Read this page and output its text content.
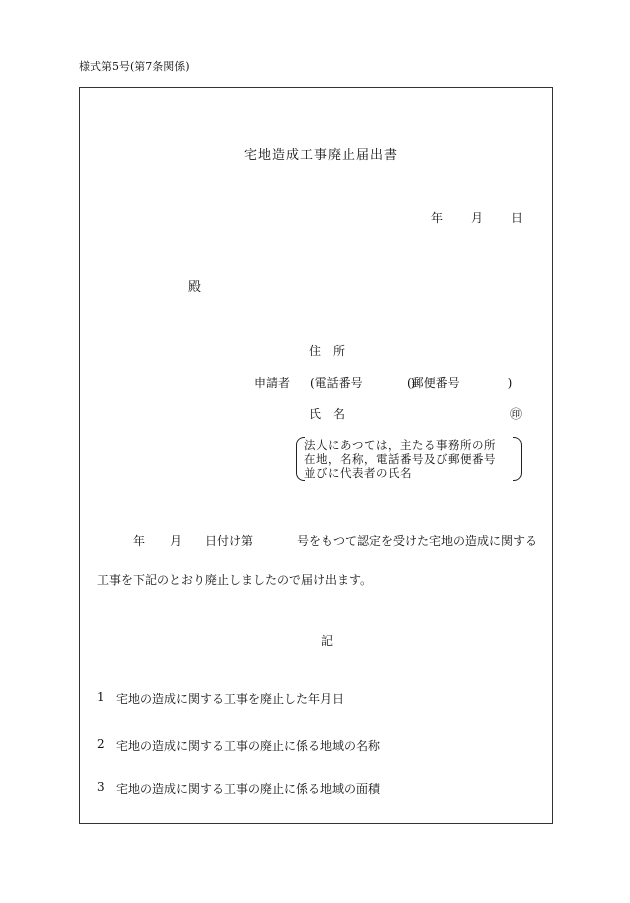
様式第5号(第7条関係)
宅地造成工事廃止届出書
年 月 日
殿
住　所
申請者 (電話番号　　　　)
(郵便番号　　　　)
氏　名	㊞
法人にあつては，主たる事務所の所
在地，名称，電話番号及び郵便番号
並びに代表者の氏名
年 月 日付け第	号をもつて認定を受けた宅地の造成に関する
工事を下記のとおり廃止しましたので届け出ます。
記
1 宅地の造成に関する工事を廃止した年月日
2 宅地の造成に関する工事の廃止に係る地域の名称
3 宅地の造成に関する工事の廃止に係る地域の面積
